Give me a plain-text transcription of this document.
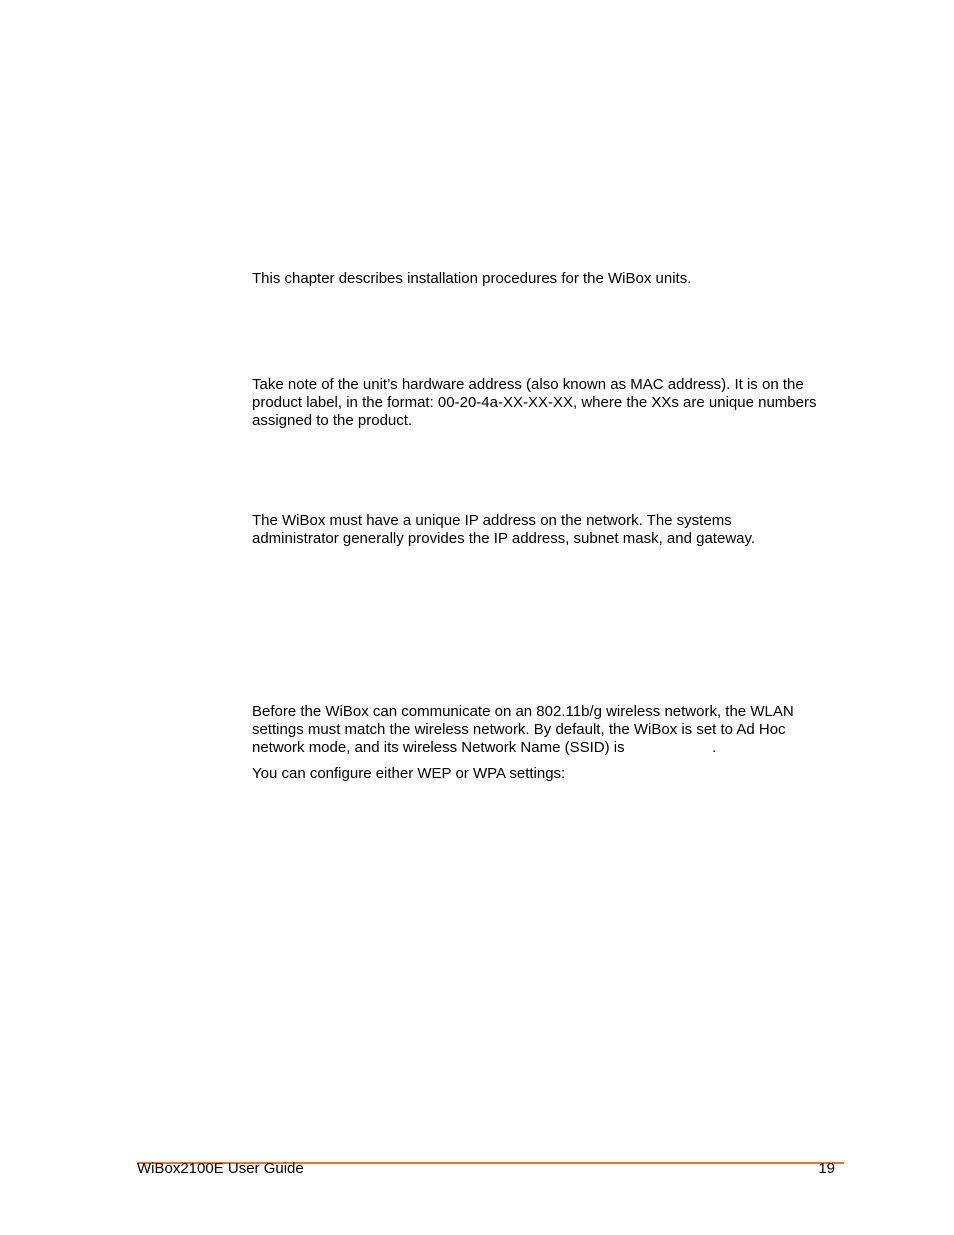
This chapter describes installation procedures for the WiBox units.

Take note of the unit’s hardware address (also known as MAC address). It is on the
product label, in the format: 00-20-4a-XX-XX-XX, where the XXs are unique numbers
assigned to the product.

The WiBox must have a unique IP address on the network. The systems
administrator generally provides the IP address, subnet mask, and gateway.

Before the WiBox can communicate on an 802.11b/g wireless network, the WLAN
settings must match the wireless network. By default, the WiBox is set to Ad Hoc
network mode, and its wireless Network Name (SSID) is                     .

You can configure either WEP or WPA settings:

WiBox2100E User Guide	19
